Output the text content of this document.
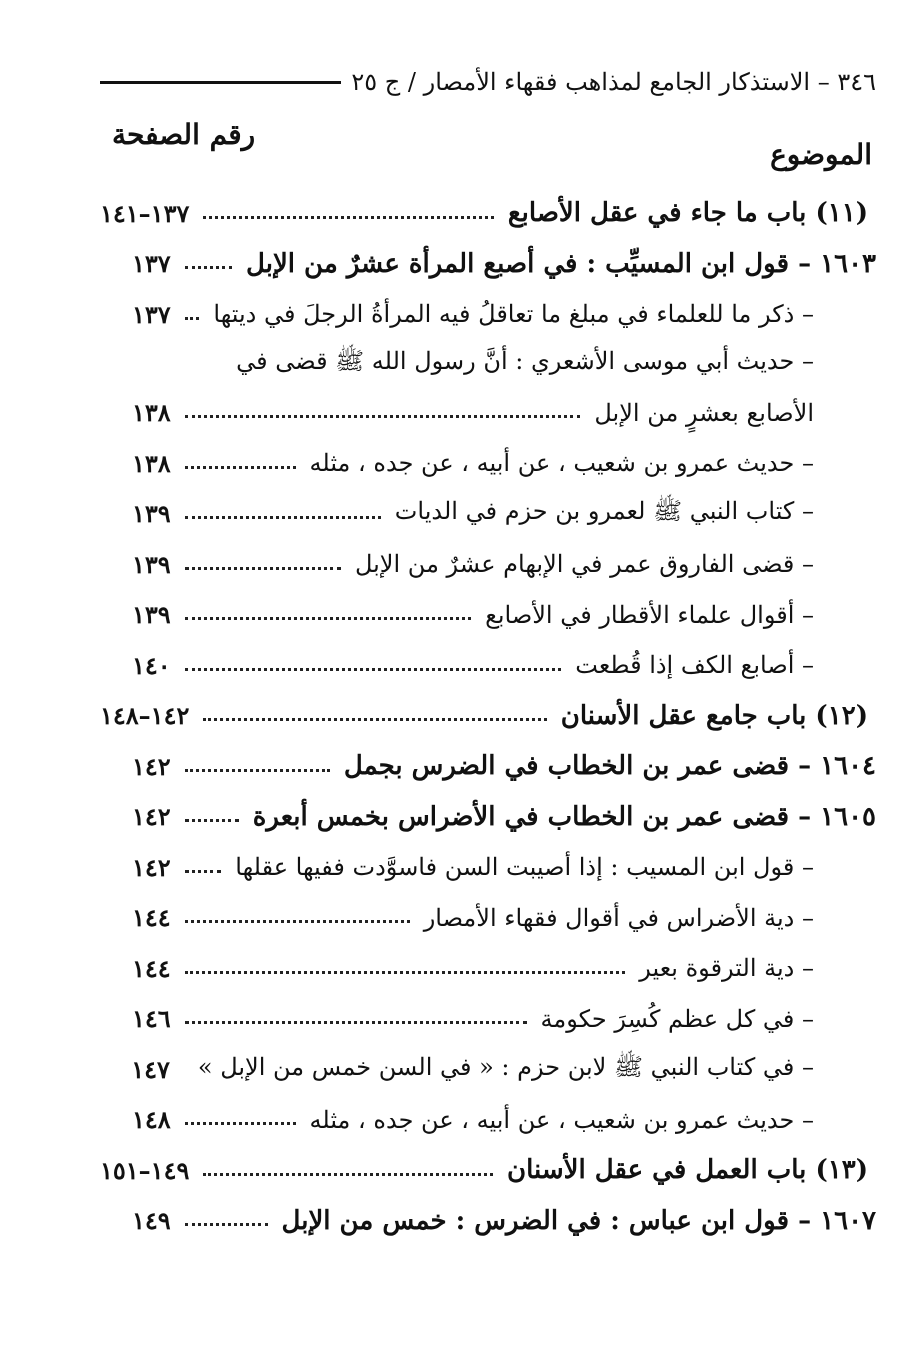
٣٤٦ – الاستذكار الجامع لمذاهب فقهاء الأمصار / ج ٢٥
الموضوع
رقم الصفحة
(١١) باب ما جاء في عقل الأصابع
١٣٧–١٤١
١٦٠٣ – قول ابن المسيِّب : في أصبع المرأة عشرٌ من الإبل
١٣٧
– ذكر ما للعلماء في مبلغ ما تعاقلُ فيه المرأةُ الرجلَ في ديتها
١٣٧
– حديث أبي موسى الأشعري : أنَّ رسول الله ﷺ قضى في
الأصابع بعشرٍ من الإبل
١٣٨
– حديث عمرو بن شعيب ، عن أبيه ، عن جده ، مثله
١٣٨
– كتاب النبي ﷺ لعمرو بن حزم في الديات
١٣٩
– قضى الفاروق عمر في الإبهام عشرٌ من الإبل
١٣٩
– أقوال علماء الأقطار في الأصابع
١٣٩
– أصابع الكف إذا قُطعت
١٤٠
(١٢) باب جامع عقل الأسنان
١٤٢–١٤٨
١٦٠٤ – قضى عمر بن الخطاب في الضرس بجمل
١٤٢
١٦٠٥ – قضى عمر بن الخطاب في الأضراس بخمس أبعرة
١٤٢
– قول ابن المسيب : إذا أصيبت السن فاسوَّدت ففيها عقلها
١٤٢
– دية الأضراس في أقوال فقهاء الأمصار
١٤٤
– دية الترقوة بعير
١٤٤
– في كل عظم كُسِرَ حكومة
١٤٦
– في كتاب النبي ﷺ لابن حزم : « في السن خمس من الإبل »
١٤٧
– حديث عمرو بن شعيب ، عن أبيه ، عن جده ، مثله
١٤٨
(١٣) باب العمل في عقل الأسنان
١٤٩–١٥١
١٦٠٧ – قول ابن عباس : في الضرس : خمس من الإبل
١٤٩
